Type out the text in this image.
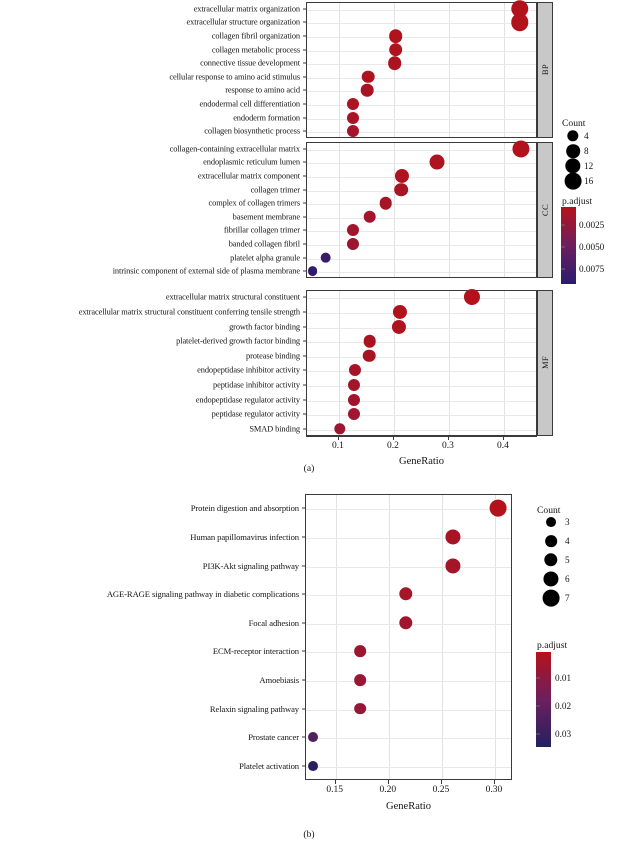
extracellular matrix organization
extracellular structure organization
collagen fibril organization
collagen metabolic process
connective tissue development
cellular response to amino acid stimulus
response to amino acid
endodermal cell differentiation
endoderm formation
collagen biosynthetic process
BP
collagen-containing extracellular matrix
endoplasmic reticulum lumen
extracellular matrix component
collagen trimer
complex of collagen trimers
basement membrane
fibrillar collagen trimer
banded collagen fibril
platelet alpha granule
intrinsic component of external side of plasma membrane
CC
extracellular matrix structural constituent
extracellular matrix structural constituent conferring tensile strength
growth factor binding
platelet-derived growth factor binding
protease binding
endopeptidase inhibitor activity
peptidase inhibitor activity
endopeptidase regulator activity
peptidase regulator activity
SMAD binding
MF
0.1	0.2	0.3	0.4
GeneRatio
Count
4
8
12
16
p.adjust
0.0025
0.0050
0.0075
Protein digestion and absorption
Human papillomavirus infection
PI3K-Akt signaling pathway
AGE-RAGE signaling pathway in diabetic complications
Focal adhesion
ECM-receptor interaction
Amoebiasis
Relaxin signaling pathway
Prostate cancer
Platelet activation
0.15	0.20	0.25	0.30
GeneRatio
Count
3
4
5
6
7
p.adjust
0.01
0.02
0.03
(a)
(b)
